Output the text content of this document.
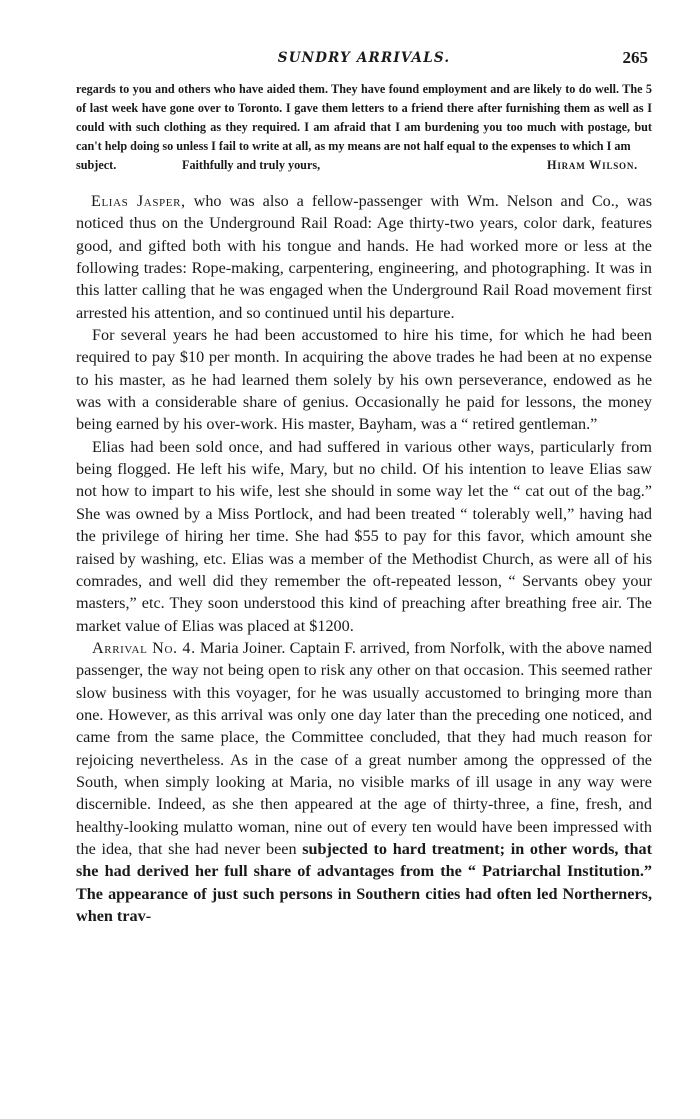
SUNDRY ARRIVALS.	265
regards to you and others who have aided them. They have found employment and are likely to do well. The 5 of last week have gone over to Toronto. I gave them letters to a friend there after furnishing them as well as I could with such clothing as they required. I am afraid that I am burdening you too much with postage, but can't help doing so unless I fail to write at all, as my means are not half equal to the expenses to which I am
subject.	Faithfully and truly yours,	Hiram Wilson.

Elias Jasper, who was also a fellow-passenger with Wm. Nelson and Co., was noticed thus on the Underground Rail Road: Age thirty-two years, color dark, features good, and gifted both with his tongue and hands. He had worked more or less at the following trades: Rope-making, carpentering, engineering, and photographing. It was in this latter calling that he was engaged when the Underground Rail Road movement first arrested his attention, and so continued until his departure.

For several years he had been accustomed to hire his time, for which he had been required to pay $10 per month. In acquiring the above trades he had been at no expense to his master, as he had learned them solely by his own perseverance, endowed as he was with a considerable share of genius. Occasionally he paid for lessons, the money being earned by his over-work. His master, Bayham, was a “ retired gentleman.”

Elias had been sold once, and had suffered in various other ways, particularly from being flogged. He left his wife, Mary, but no child. Of his intention to leave Elias saw not how to impart to his wife, lest she should in some way let the “ cat out of the bag.” She was owned by a Miss Portlock, and had been treated “ tolerably well,” having had the privilege of hiring her time. She had $55 to pay for this favor, which amount she raised by washing, etc. Elias was a member of the Methodist Church, as were all of his comrades, and well did they remember the oft-repeated lesson, “ Servants obey your masters,” etc. They soon understood this kind of preaching after breathing free air. The market value of Elias was placed at $1200.

Arrival No. 4. Maria Joiner. Captain F. arrived, from Norfolk, with the above named passenger, the way not being open to risk any other on that occasion. This seemed rather slow business with this voyager, for he was usually accustomed to bringing more than one. However, as this arrival was only one day later than the preceding one noticed, and came from the same place, the Committee concluded, that they had much reason for rejoicing nevertheless. As in the case of a great number among the oppressed of the South, when simply looking at Maria, no visible marks of ill usage in any way were discernible. Indeed, as she then appeared at the age of thirty-three, a fine, fresh, and healthy-looking mulatto woman, nine out of every ten would have been impressed with the idea, that she had never been subjected to hard treatment; in other words, that she had derived her full share of advantages from the “ Patriarchal Institution.” The appearance of just such persons in Southern cities had often led Northerners, when trav-
